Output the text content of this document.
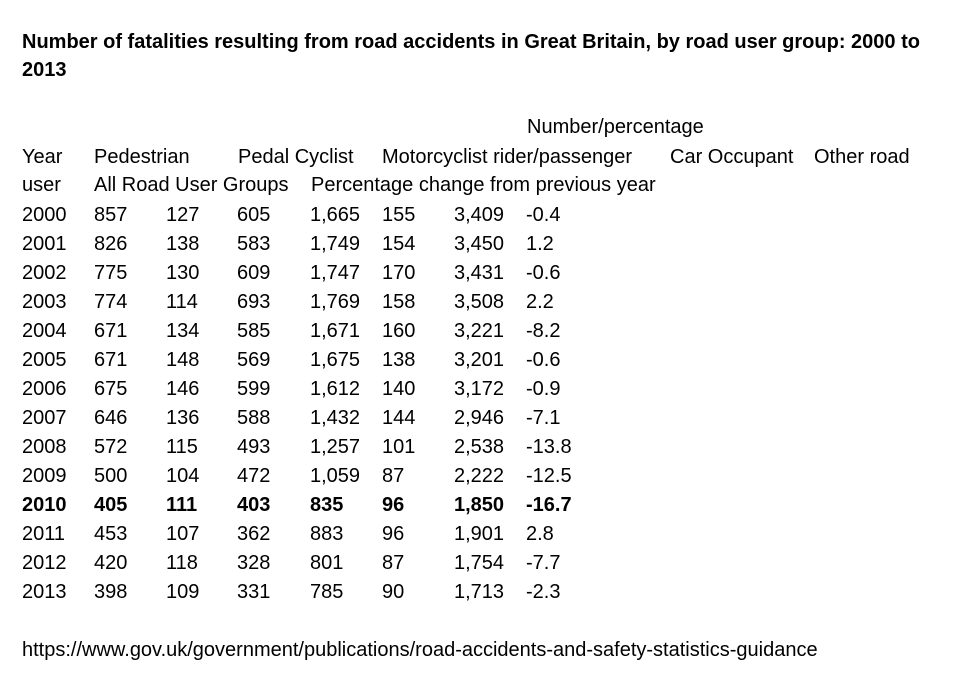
Number of fatalities resulting from road accidents in Great Britain, by road user group: 2000 to 2013
Number/percentage
Year Pedestrian Pedal Cyclist Motorcyclist rider/passenger Car Occupant Other road
user All Road User Groups Percentage change from previous year
2000 857 127 605 1,665 155 3,409 -0.4
2001 826 138 583 1,749 154 3,450 1.2
2002 775 130 609 1,747 170 3,431 -0.6
2003 774 114 693 1,769 158 3,508 2.2
2004 671 134 585 1,671 160 3,221 -8.2
2005 671 148 569 1,675 138 3,201 -0.6
2006 675 146 599 1,612 140 3,172 -0.9
2007 646 136 588 1,432 144 2,946 -7.1
2008 572 115 493 1,257 101 2,538 -13.8
2009 500 104 472 1,059 87 2,222 -12.5
2010 405 111 403 835 96 1,850 -16.7
2011 453 107 362 883 96 1,901 2.8
2012 420 118 328 801 87 1,754 -7.7
2013 398 109 331 785 90 1,713 -2.3
https://www.gov.uk/government/publications/road-accidents-and-safety-statistics-guidance
